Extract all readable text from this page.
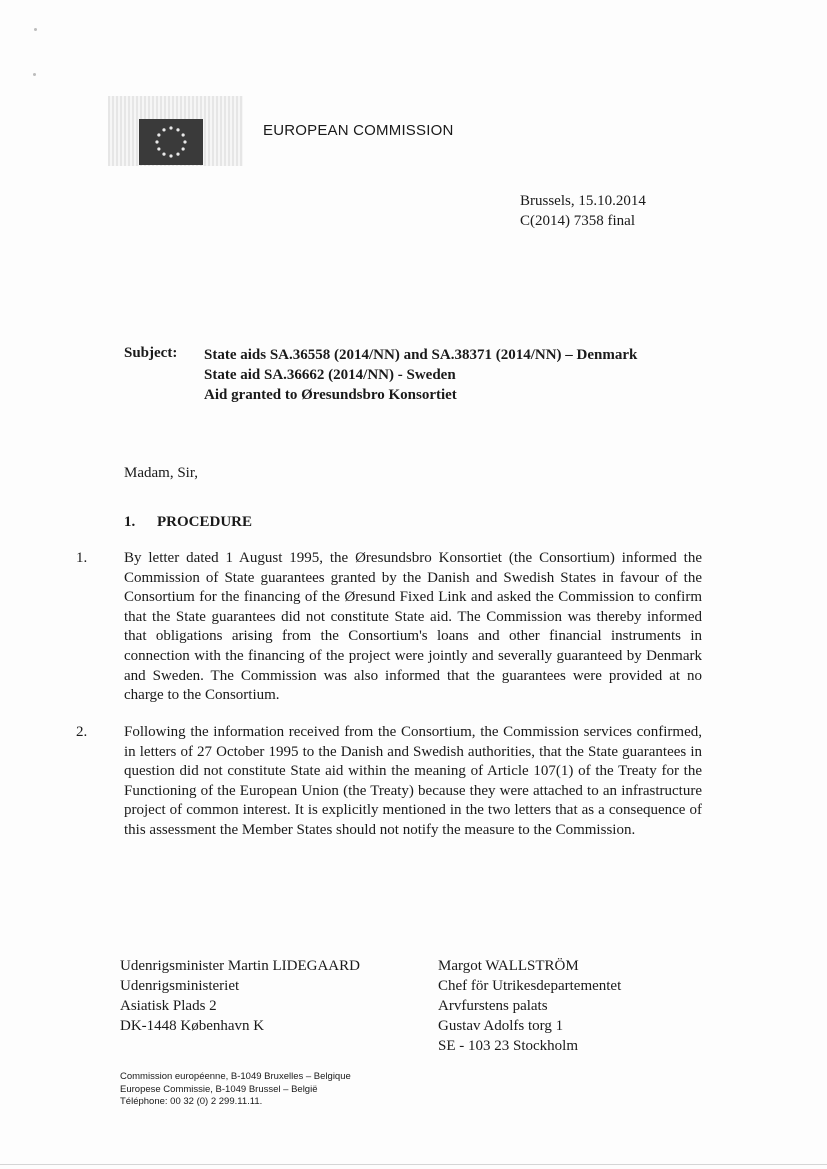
EUROPEAN COMMISSION
Brussels, 15.10.2014
C(2014) 7358 final
Subject: State aids SA.36558 (2014/NN) and SA.38371 (2014/NN) – Denmark
State aid SA.36662 (2014/NN) - Sweden
Aid granted to Øresundsbro Konsortiet
Madam, Sir,
1. PROCEDURE
1. By letter dated 1 August 1995, the Øresundsbro Konsortiet (the Consortium) informed the Commission of State guarantees granted by the Danish and Swedish States in favour of the Consortium for the financing of the Øresund Fixed Link and asked the Commission to confirm that the State guarantees did not constitute State aid. The Commission was thereby informed that obligations arising from the Consortium's loans and other financial instruments in connection with the financing of the project were jointly and severally guaranteed by Denmark and Sweden. The Commission was also informed that the guarantees were provided at no charge to the Consortium.

2. Following the information received from the Consortium, the Commission services confirmed, in letters of 27 October 1995 to the Danish and Swedish authorities, that the State guarantees in question did not constitute State aid within the meaning of Article 107(1) of the Treaty for the Functioning of the European Union (the Treaty) because they were attached to an infrastructure project of common interest. It is explicitly mentioned in the two letters that as a consequence of this assessment the Member States should not notify the measure to the Commission.

Udenrigsminister Martin LIDEGAARD
Udenrigsministeriet
Asiatisk Plads 2
DK-1448 København K
Margot WALLSTRÖM
Chef för Utrikesdepartementet
Arvfurstens palats
Gustav Adolfs torg 1
SE - 103 23 Stockholm
Commission européenne, B-1049 Bruxelles – Belgique
Europese Commissie, B-1049 Brussel – België
Téléphone: 00 32 (0) 2 299.11.11.
